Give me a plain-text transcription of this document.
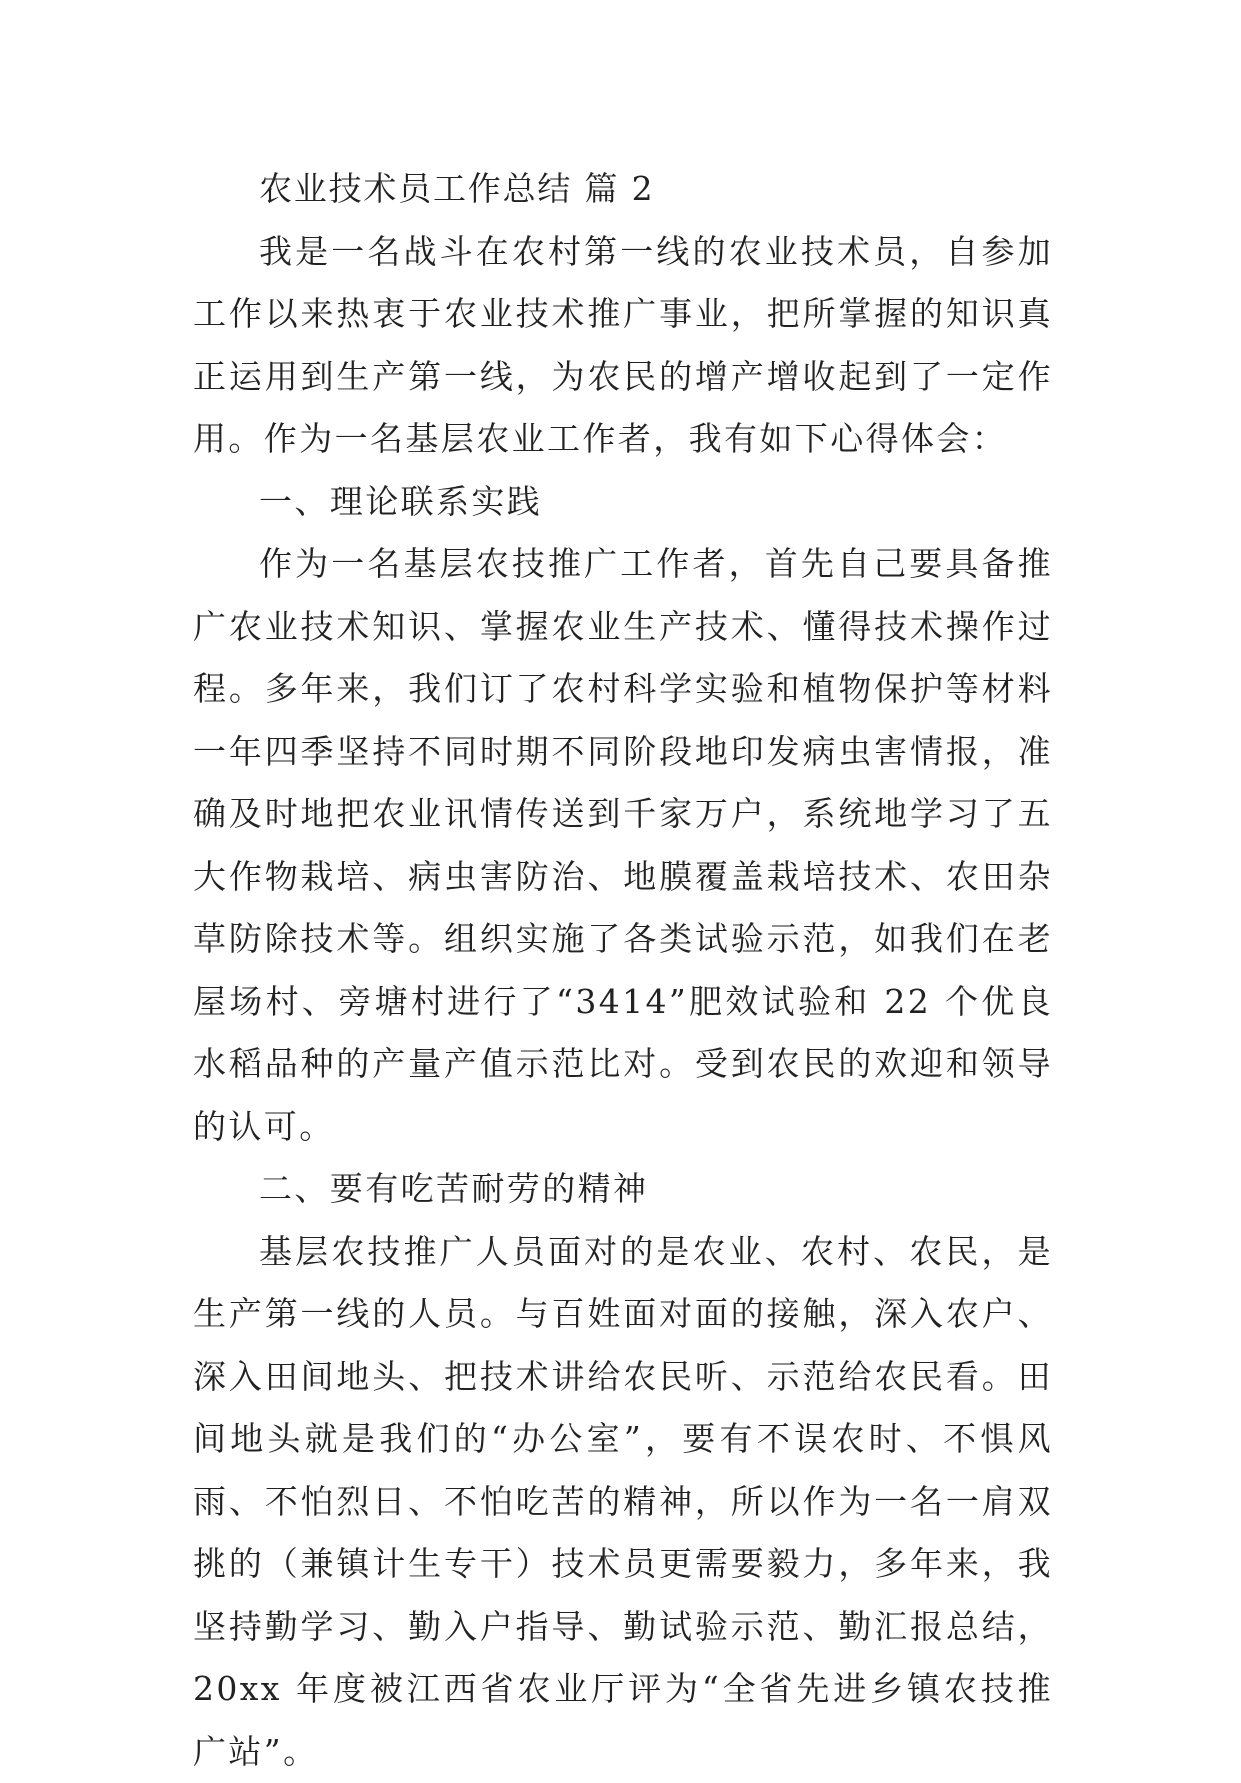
农业技术员工作总结 篇 2

我是一名战斗在农村第一线的农业技术员，自参加工作以来热衷于农业技术推广事业，把所掌握的知识真正运用到生产第一线，为农民的增产增收起到了一定作用。作为一名基层农业工作者，我有如下心得体会：

一、理论联系实践

作为一名基层农技推广工作者，首先自己要具备推广农业技术知识、掌握农业生产技术、懂得技术操作过程。多年来，我们订了农村科学实验和植物保护等材料一年四季坚持不同时期不同阶段地印发病虫害情报，准确及时地把农业讯情传送到千家万户，系统地学习了五大作物栽培、病虫害防治、地膜覆盖栽培技术、农田杂草防除技术等。组织实施了各类试验示范，如我们在老屋场村、旁塘村进行了“3414”肥效试验和 22 个优良水稻品种的产量产值示范比对。受到农民的欢迎和领导的认可。

二、要有吃苦耐劳的精神

基层农技推广人员面对的是农业、农村、农民，是生产第一线的人员。与百姓面对面的接触，深入农户、深入田间地头、把技术讲给农民听、示范给农民看。田间地头就是我们的“办公室”，要有不误农时、不惧风雨、不怕烈日、不怕吃苦的精神，所以作为一名一肩双挑的（兼镇计生专干）技术员更需要毅力，多年来，我坚持勤学习、勤入户指导、勤试验示范、勤汇报总结，20xx 年度被江西省农业厅评为“全省先进乡镇农技推广站”。
